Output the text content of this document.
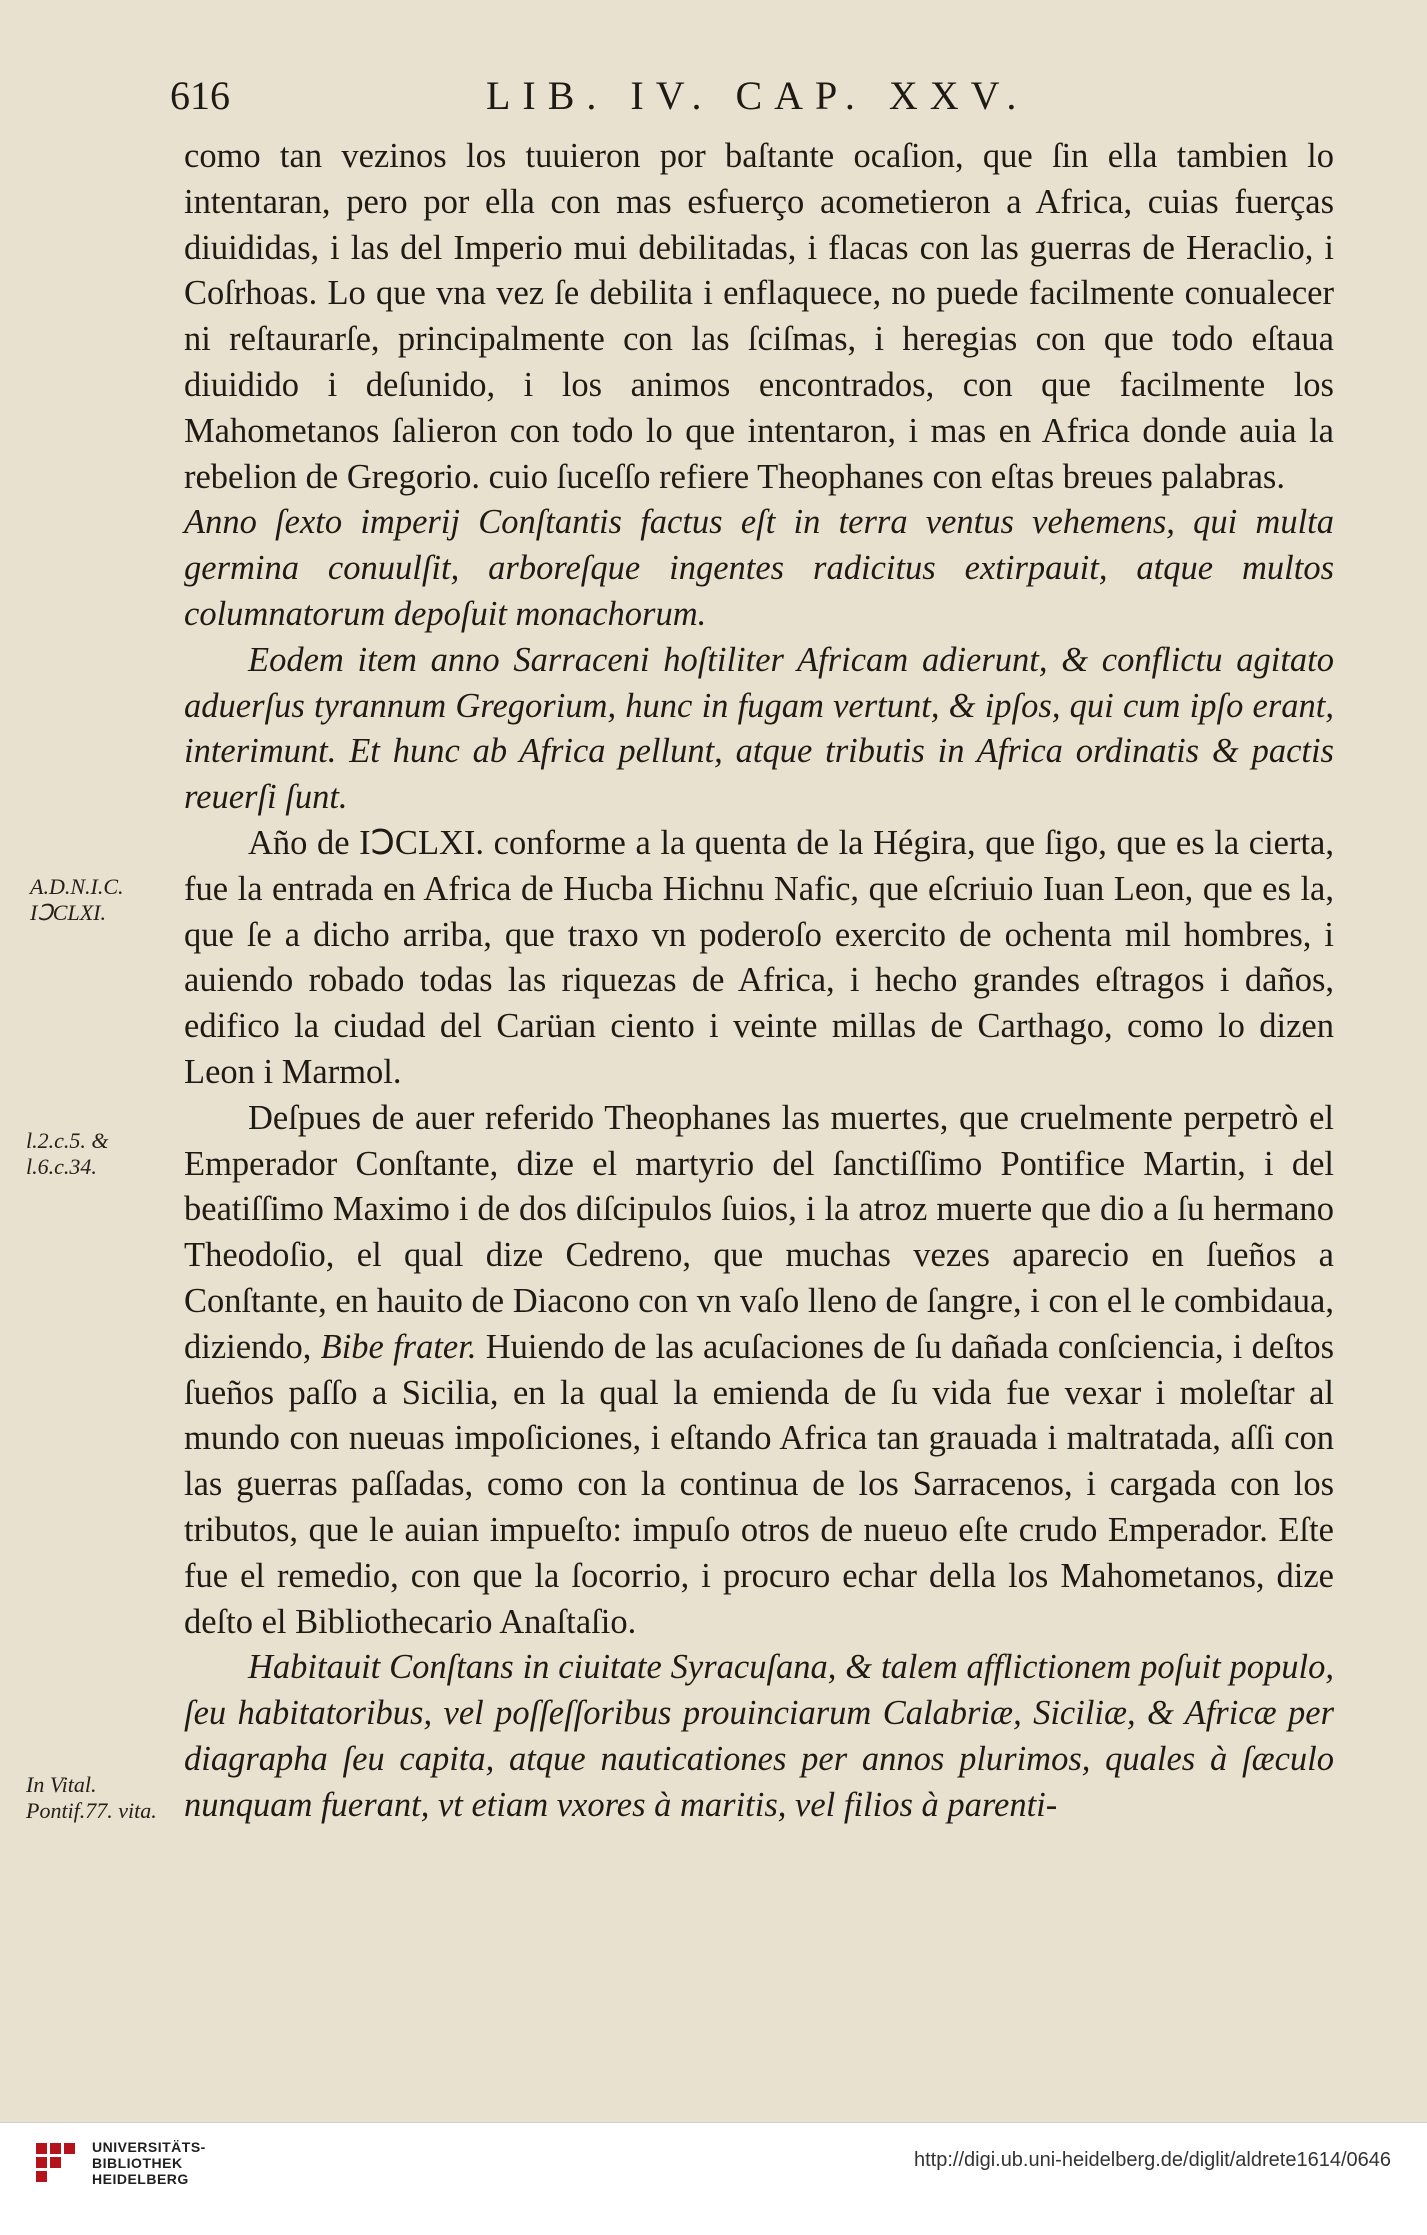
616	LIB. IV. CAP. XXV.

como tan vezinos los tuuieron por baſtante ocaſion, que ſin ella tambien lo intentaran, pero por ella con mas esfuerço acometieron a Africa, cuias fuerças diuididas, i las del Imperio mui debilitadas, i flacas con las guerras de Heraclio, i Coſrhoas. Lo que vna vez ſe debilita i enflaquece, no puede facilmente conualecer ni reſtaurarſe, principalmente con las ſciſmas, i heregias con que todo eſtaua diuidido i deſunido, i los animos encontrados, con que facilmente los Mahometanos ſalieron con todo lo que intentaron, i mas en Africa donde auia la rebelion de Gregorio. cuio ſuceſſo refiere Theophanes con eſtas breues palabras.

Anno ſexto imperij Conſtantis factus eſt in terra ventus vehemens, qui multa germina conuulſit, arboreſque ingentes radicitus extirpauit, atque multos columnatorum depoſuit monachorum.

Eodem item anno Sarraceni hoſtiliter Africam adierunt, & conflictu agitato aduerſus tyrannum Gregorium, hunc in fugam vertunt, & ipſos, qui cum ipſo erant, interimunt. Et hunc ab Africa pellunt, atque tributis in Africa ordinatis & pactis reuerſi ſunt.

Año de IↃCLXI. conforme a la quenta de la Hégira, que ſigo, que es la cierta, fue la entrada en Africa de Hucba Hichnu Nafic, que eſcriuio Iuan Leon, que es la, que ſe a dicho arriba, que traxo vn poderoſo exercito de ochenta mil hombres, i auiendo robado todas las riquezas de Africa, i hecho grandes eſtragos i daños, edifico la ciudad del Carüan ciento i veinte millas de Carthago, como lo dizen Leon i Marmol.

Deſpues de auer referido Theophanes las muertes, que cruelmente perpetrò el Emperador Conſtante, dize el martyrio del ſanctiſſimo Pontifice Martin, i del beatiſſimo Maximo i de dos diſcipulos ſuios, i la atroz muerte que dio a ſu hermano Theodoſio, el qual dize Cedreno, que muchas vezes aparecio en ſueños a Conſtante, en hauito de Diacono con vn vaſo lleno de ſangre, i con el le combidaua, diziendo, Bibe frater. Huiendo de las acuſaciones de ſu dañada conſciencia, i deſtos ſueños paſſo a Sicilia, en la qual la emienda de ſu vida fue vexar i moleſtar al mundo con nueuas impoſiciones, i eſtando Africa tan grauada i maltratada, aſſi con las guerras paſſadas, como con la continua de los Sarracenos, i cargada con los tributos, que le auian impueſto: impuſo otros de nueuo eſte crudo Emperador. Eſte fue el remedio, con que la ſocorrio, i procuro echar della los Mahometanos, dize deſto el Bibliothecario Anaſtaſio.

Habitauit Conſtans in ciuitate Syracuſana, & talem afflictionem poſuit populo, ſeu habitatoribus, vel poſſeſſoribus prouinciarum Calabriæ, Siciliæ, & Africæ per diagrapha ſeu capita, atque nauticationes per annos plurimos, quales à ſæculo nunquam fuerant, vt etiam vxores à maritis, vel filios à parenti-

A.D.N.I.C. IↃCLXI.
l.2.c.5. & l.6.c.34.
In Vital. Pontif.77. vita.
UNIVERSITÄTS-
BIBLIOTHEK
HEIDELBERG
http://digi.ub.uni-heidelberg.de/diglit/aldrete1614/0646
